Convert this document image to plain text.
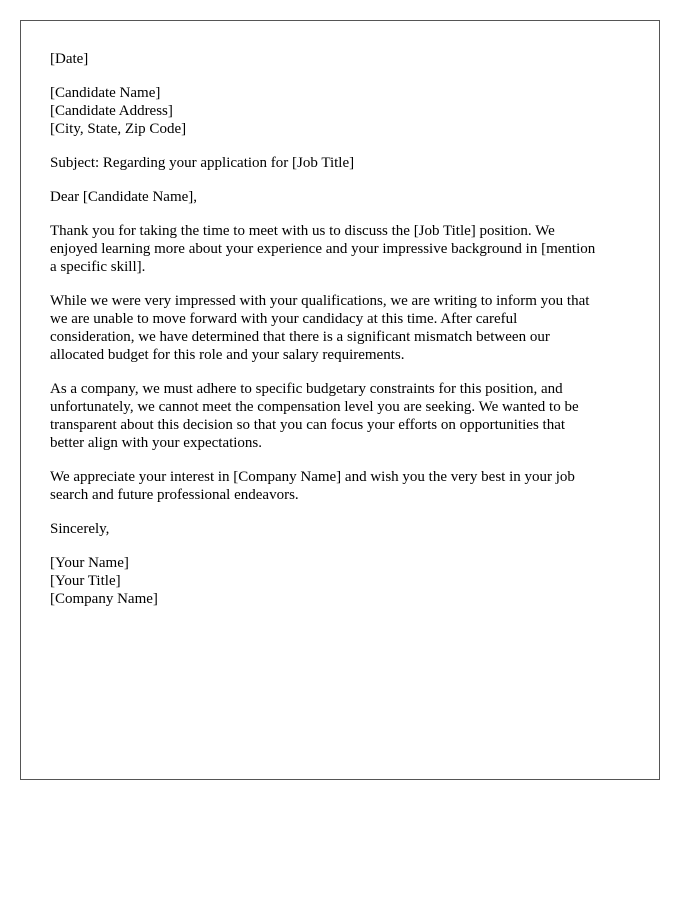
[Date]
[Candidate Name]
[Candidate Address]
[City, State, Zip Code]
Subject: Regarding your application for [Job Title]
Dear [Candidate Name],
Thank you for taking the time to meet with us to discuss the [Job Title] position. We
enjoyed learning more about your experience and your impressive background in [mention
a specific skill].
While we were very impressed with your qualifications, we are writing to inform you that
we are unable to move forward with your candidacy at this time. After careful
consideration, we have determined that there is a significant mismatch between our
allocated budget for this role and your salary requirements.
As a company, we must adhere to specific budgetary constraints for this position, and
unfortunately, we cannot meet the compensation level you are seeking. We wanted to be
transparent about this decision so that you can focus your efforts on opportunities that
better align with your expectations.
We appreciate your interest in [Company Name] and wish you the very best in your job
search and future professional endeavors.
Sincerely,
[Your Name]
[Your Title]
[Company Name]
